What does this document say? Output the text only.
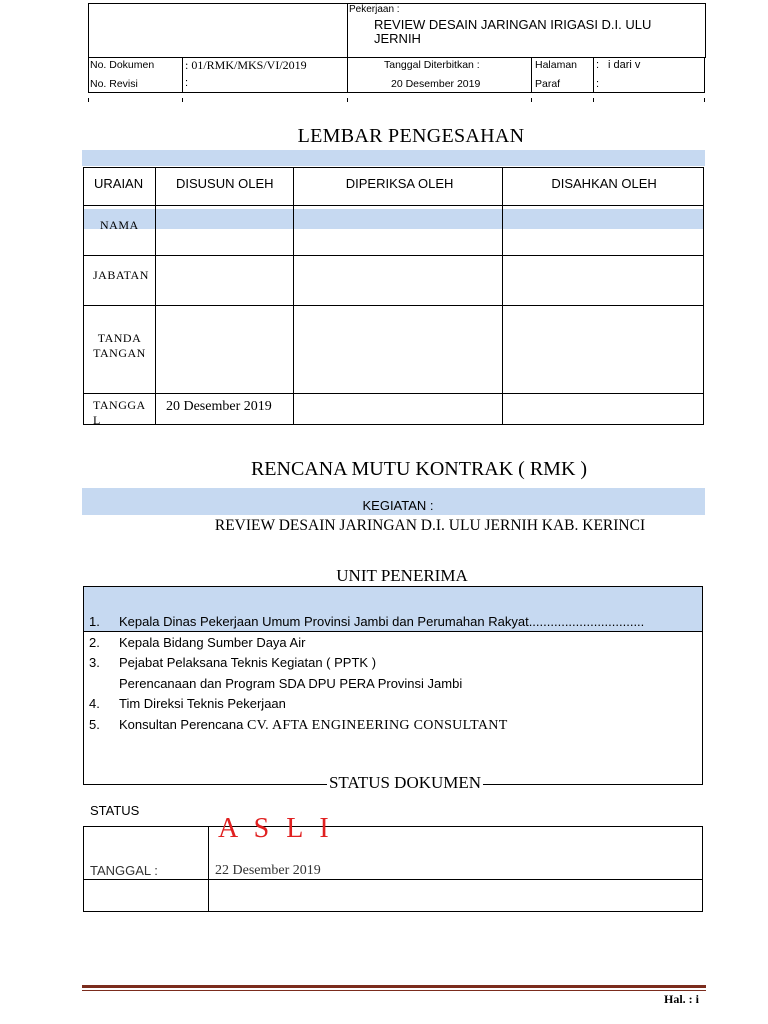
Pekerjaan :
REVIEW DESAIN JARINGAN IRIGASI D.I. ULU
JERNIH
No. Dokumen	: 01/RMK/MKS/VI/2019
No. Revisi	:
Tanggal Diterbitkan :
20 Desember 2019
Halaman : i dari v
Paraf	:
LEMBAR PENGESAHAN
URAIAN	DISUSUN OLEH	DIPERIKSA OLEH	DISAHKAN OLEH

NAMA			

JABATAN			

TANDA
TANGAN			

TANGGA L	20 Desember 2019		

RENCANA MUTU KONTRAK ( RMK )
KEGIATAN :
REVIEW DESAIN JARINGAN D.I. ULU JERNIH KAB. KERINCI
UNIT PENERIMA
1. Kepala Dinas Pekerjaan Umum Provinsi Jambi dan Perumahan Rakyat................................
2. Kepala Bidang Sumber Daya Air
3. Pejabat Pelaksana Teknis Kegiatan ( PPTK )
Perencanaan dan Program SDA DPU PERA Provinsi Jambi
4. Tim Direksi Teknis Pekerjaan
5. Konsultan Perencana CV. AFTA ENGINEERING CONSULTANT
STATUS DOKUMEN
STATUS
A S L I
TANGGAL :	22 Desember 2019
Hal. : i
